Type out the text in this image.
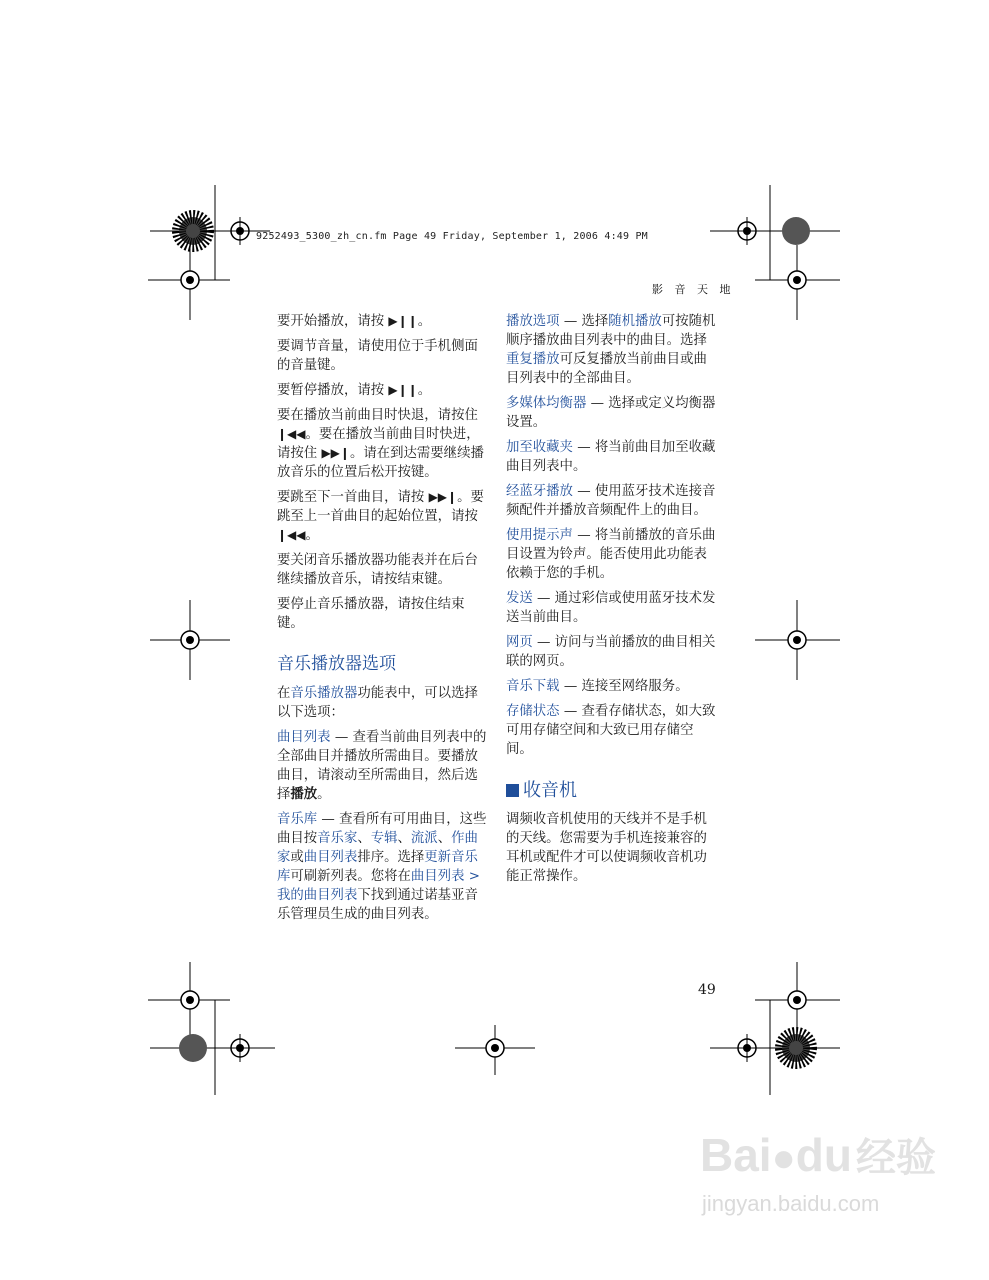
9252493_5300_zh_cn.fm Page 49 Friday, September 1, 2006 4:49 PM
影 音 天 地

要开始播放，请按 ▶❙❙。

要调节音量，请使用位于手机侧面的音量键。

要暂停播放，请按 ▶❙❙。

要在播放当前曲目时快退，请按住 ❙◀◀。要在播放当前曲目时快进，请按住 ▶▶❙。请在到达需要继续播放音乐的位置后松开按键。

要跳至下一首曲目，请按 ▶▶❙。要跳至上一首曲目的起始位置，请按 ❙◀◀。

要关闭音乐播放器功能表并在后台继续播放音乐，请按结束键。

要停止音乐播放器，请按住结束键。

音乐播放器选项

在音乐播放器功能表中，可以选择以下选项：

曲目列表 — 查看当前曲目列表中的全部曲目并播放所需曲目。要播放曲目，请滚动至所需曲目，然后选择播放。

音乐库 — 查看所有可用曲目，这些曲目按音乐家、专辑、流派、作曲家或曲目列表排序。选择更新音乐库可刷新列表。您将在曲目列表 > 我的曲目列表下找到通过诺基亚音乐管理员生成的曲目列表。

播放选项 — 选择随机播放可按随机顺序播放曲目列表中的曲目。选择重复播放可反复播放当前曲目或曲目列表中的全部曲目。

多媒体均衡器 — 选择或定义均衡器设置。

加至收藏夹 — 将当前曲目加至收藏曲目列表中。

经蓝牙播放 — 使用蓝牙技术连接音频配件并播放音频配件上的曲目。

使用提示声 — 将当前播放的音乐曲目设置为铃声。能否使用此功能表依赖于您的手机。

发送 — 通过彩信或使用蓝牙技术发送当前曲目。

网页 — 访问与当前播放的曲目相关联的网页。

音乐下载 — 连接至网络服务。

存储状态 — 查看存储状态，如大致可用存储空间和大致已用存储空间。

收音机

调频收音机使用的天线并不是手机的天线。您需要为手机连接兼容的耳机或配件才可以使调频收音机功能正常操作。

49
Bai●du 经验
jingyan.baidu.com
